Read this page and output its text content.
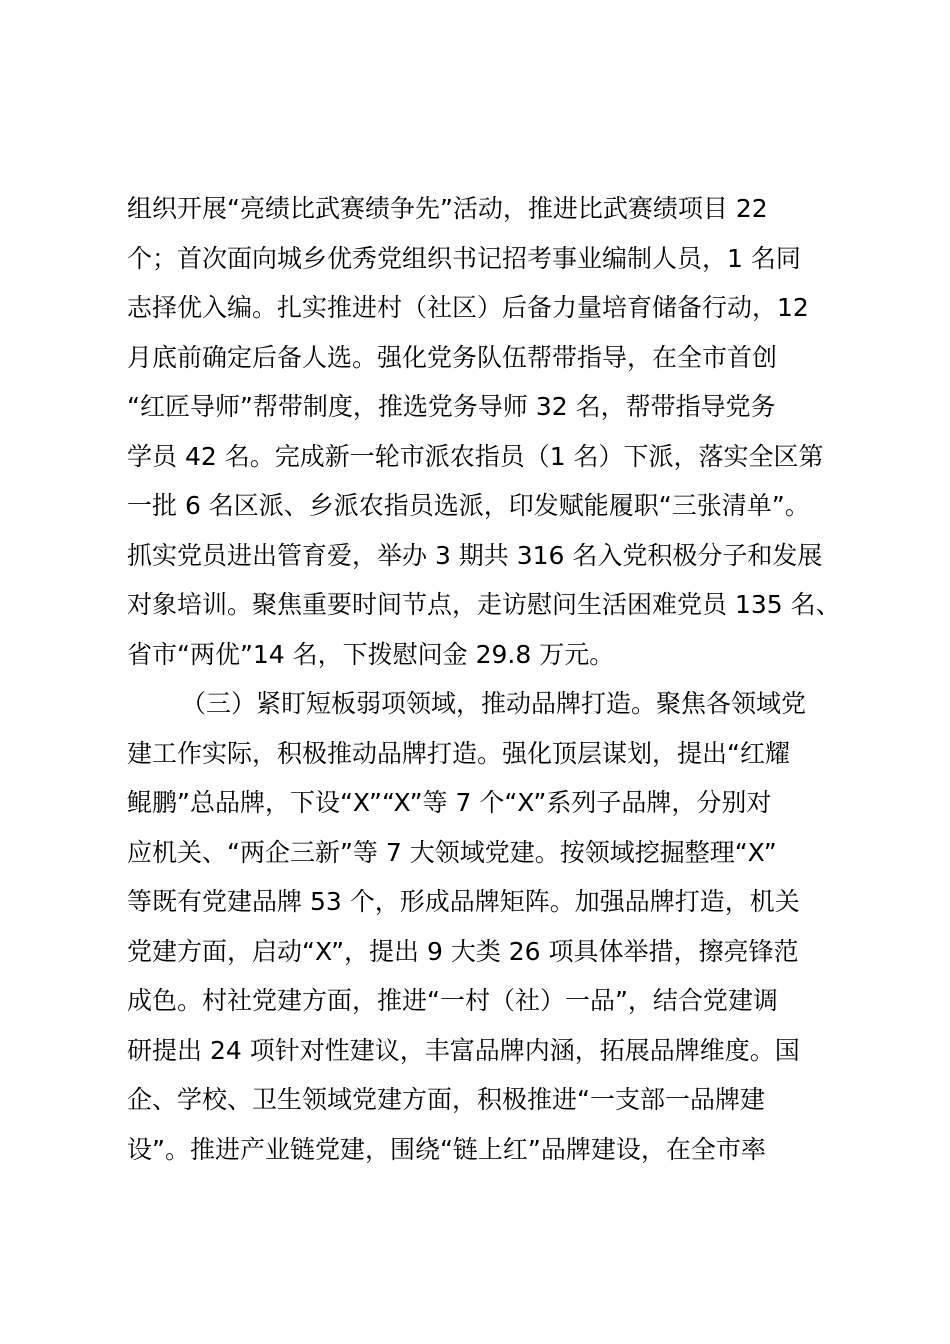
组织开展“亮绩比武赛绩争先”活动，推进比武赛绩项目 22
个；首次面向城乡优秀党组织书记招考事业编制人员，1 名同
志择优入编。扎实推进村（社区）后备力量培育储备行动，12
月底前确定后备人选。强化党务队伍帮带指导，在全市首创
“红匠导师”帮带制度，推选党务导师 32 名，帮带指导党务
学员 42 名。完成新一轮市派农指员（1 名）下派，落实全区第
一批 6 名区派、乡派农指员选派，印发赋能履职“三张清单”。
抓实党员进出管育爱，举办 3 期共 316 名入党积极分子和发展
对象培训。聚焦重要时间节点，走访慰问生活困难党员 135 名、
省市“两优”14 名，下拨慰问金 29.8 万元。
（三）紧盯短板弱项领域，推动品牌打造。聚焦各领域党
建工作实际，积极推动品牌打造。强化顶层谋划，提出“红耀
鲲鹏”总品牌，下设“X”“X”等 7 个“X”系列子品牌，分别对
应机关、“两企三新”等 7 大领域党建。按领域挖掘整理“X”
等既有党建品牌 53 个，形成品牌矩阵。加强品牌打造，机关
党建方面，启动“X”，提出 9 大类 26 项具体举措，擦亮锋范
成色。村社党建方面，推进“一村（社）一品”，结合党建调
研提出 24 项针对性建议，丰富品牌内涵，拓展品牌维度。国
企、学校、卫生领域党建方面，积极推进“一支部一品牌建
设”。推进产业链党建，围绕“链上红”品牌建设，在全市率
